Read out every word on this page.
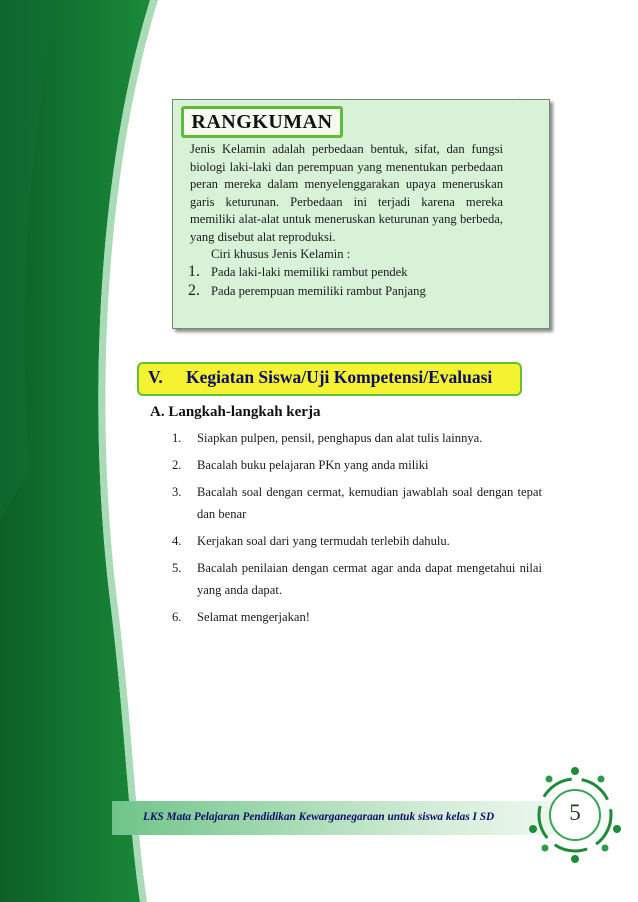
RANGKUMAN

Jenis Kelamin adalah perbedaan bentuk, sifat, dan fungsi biologi laki-laki dan perempuan yang menentukan perbedaan peran mereka dalam menyelenggarakan upaya meneruskan garis keturunan. Perbedaan ini terjadi karena mereka memiliki alat-alat untuk meneruskan keturunan yang berbeda, yang disebut alat reproduksi.

Ciri khusus Jenis Kelamin :
1. Pada laki-laki memiliki rambut pendek
2. Pada perempuan memiliki rambut Panjang
V. Kegiatan Siswa/Uji Kompetensi/Evaluasi
A. Langkah-langkah kerja
1.	Siapkan pulpen, pensil, penghapus dan alat tulis lainnya.
2.	Bacalah buku pelajaran PKn yang anda miliki
3.	Bacalah soal dengan cermat, kemudian jawablah soal dengan tepat dan benar
4.	Kerjakan soal dari yang termudah terlebih dahulu.
5.	Bacalah penilaian dengan cermat agar anda dapat mengetahui nilai yang anda dapat.
6.	Selamat mengerjakan!
LKS Mata Pelajaran Pendidikan Kewarganegaraan untuk siswa kelas I SD	5
